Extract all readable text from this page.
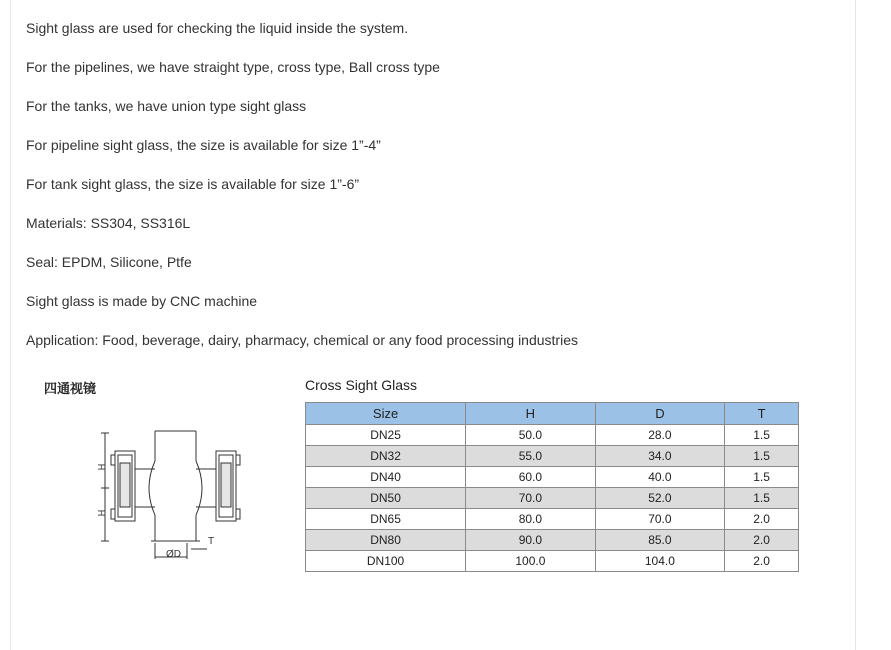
Sight glass are used for checking the liquid inside the system.

For the pipelines, we have straight type, cross type, Ball cross type

For the tanks, we have union type sight glass

For pipeline sight glass, the size is available for size 1”-4”

For tank sight glass, the size is available for size 1”-6”

Materials: SS304, SS316L

Seal: EPDM, Silicone, Ptfe

Sight glass is made by CNC machine

Application: Food, beverage, dairy, pharmacy, chemical or any food processing industries

四通视镜
H
H
ØD
T
Cross Sight Glass
Size	H	D	T
DN25	50.0	28.0	1.5
DN32	55.0	34.0	1.5
DN40	60.0	40.0	1.5
DN50	70.0	52.0	1.5
DN65	80.0	70.0	2.0
DN80	90.0	85.0	2.0
DN100	100.0	104.0	2.0
